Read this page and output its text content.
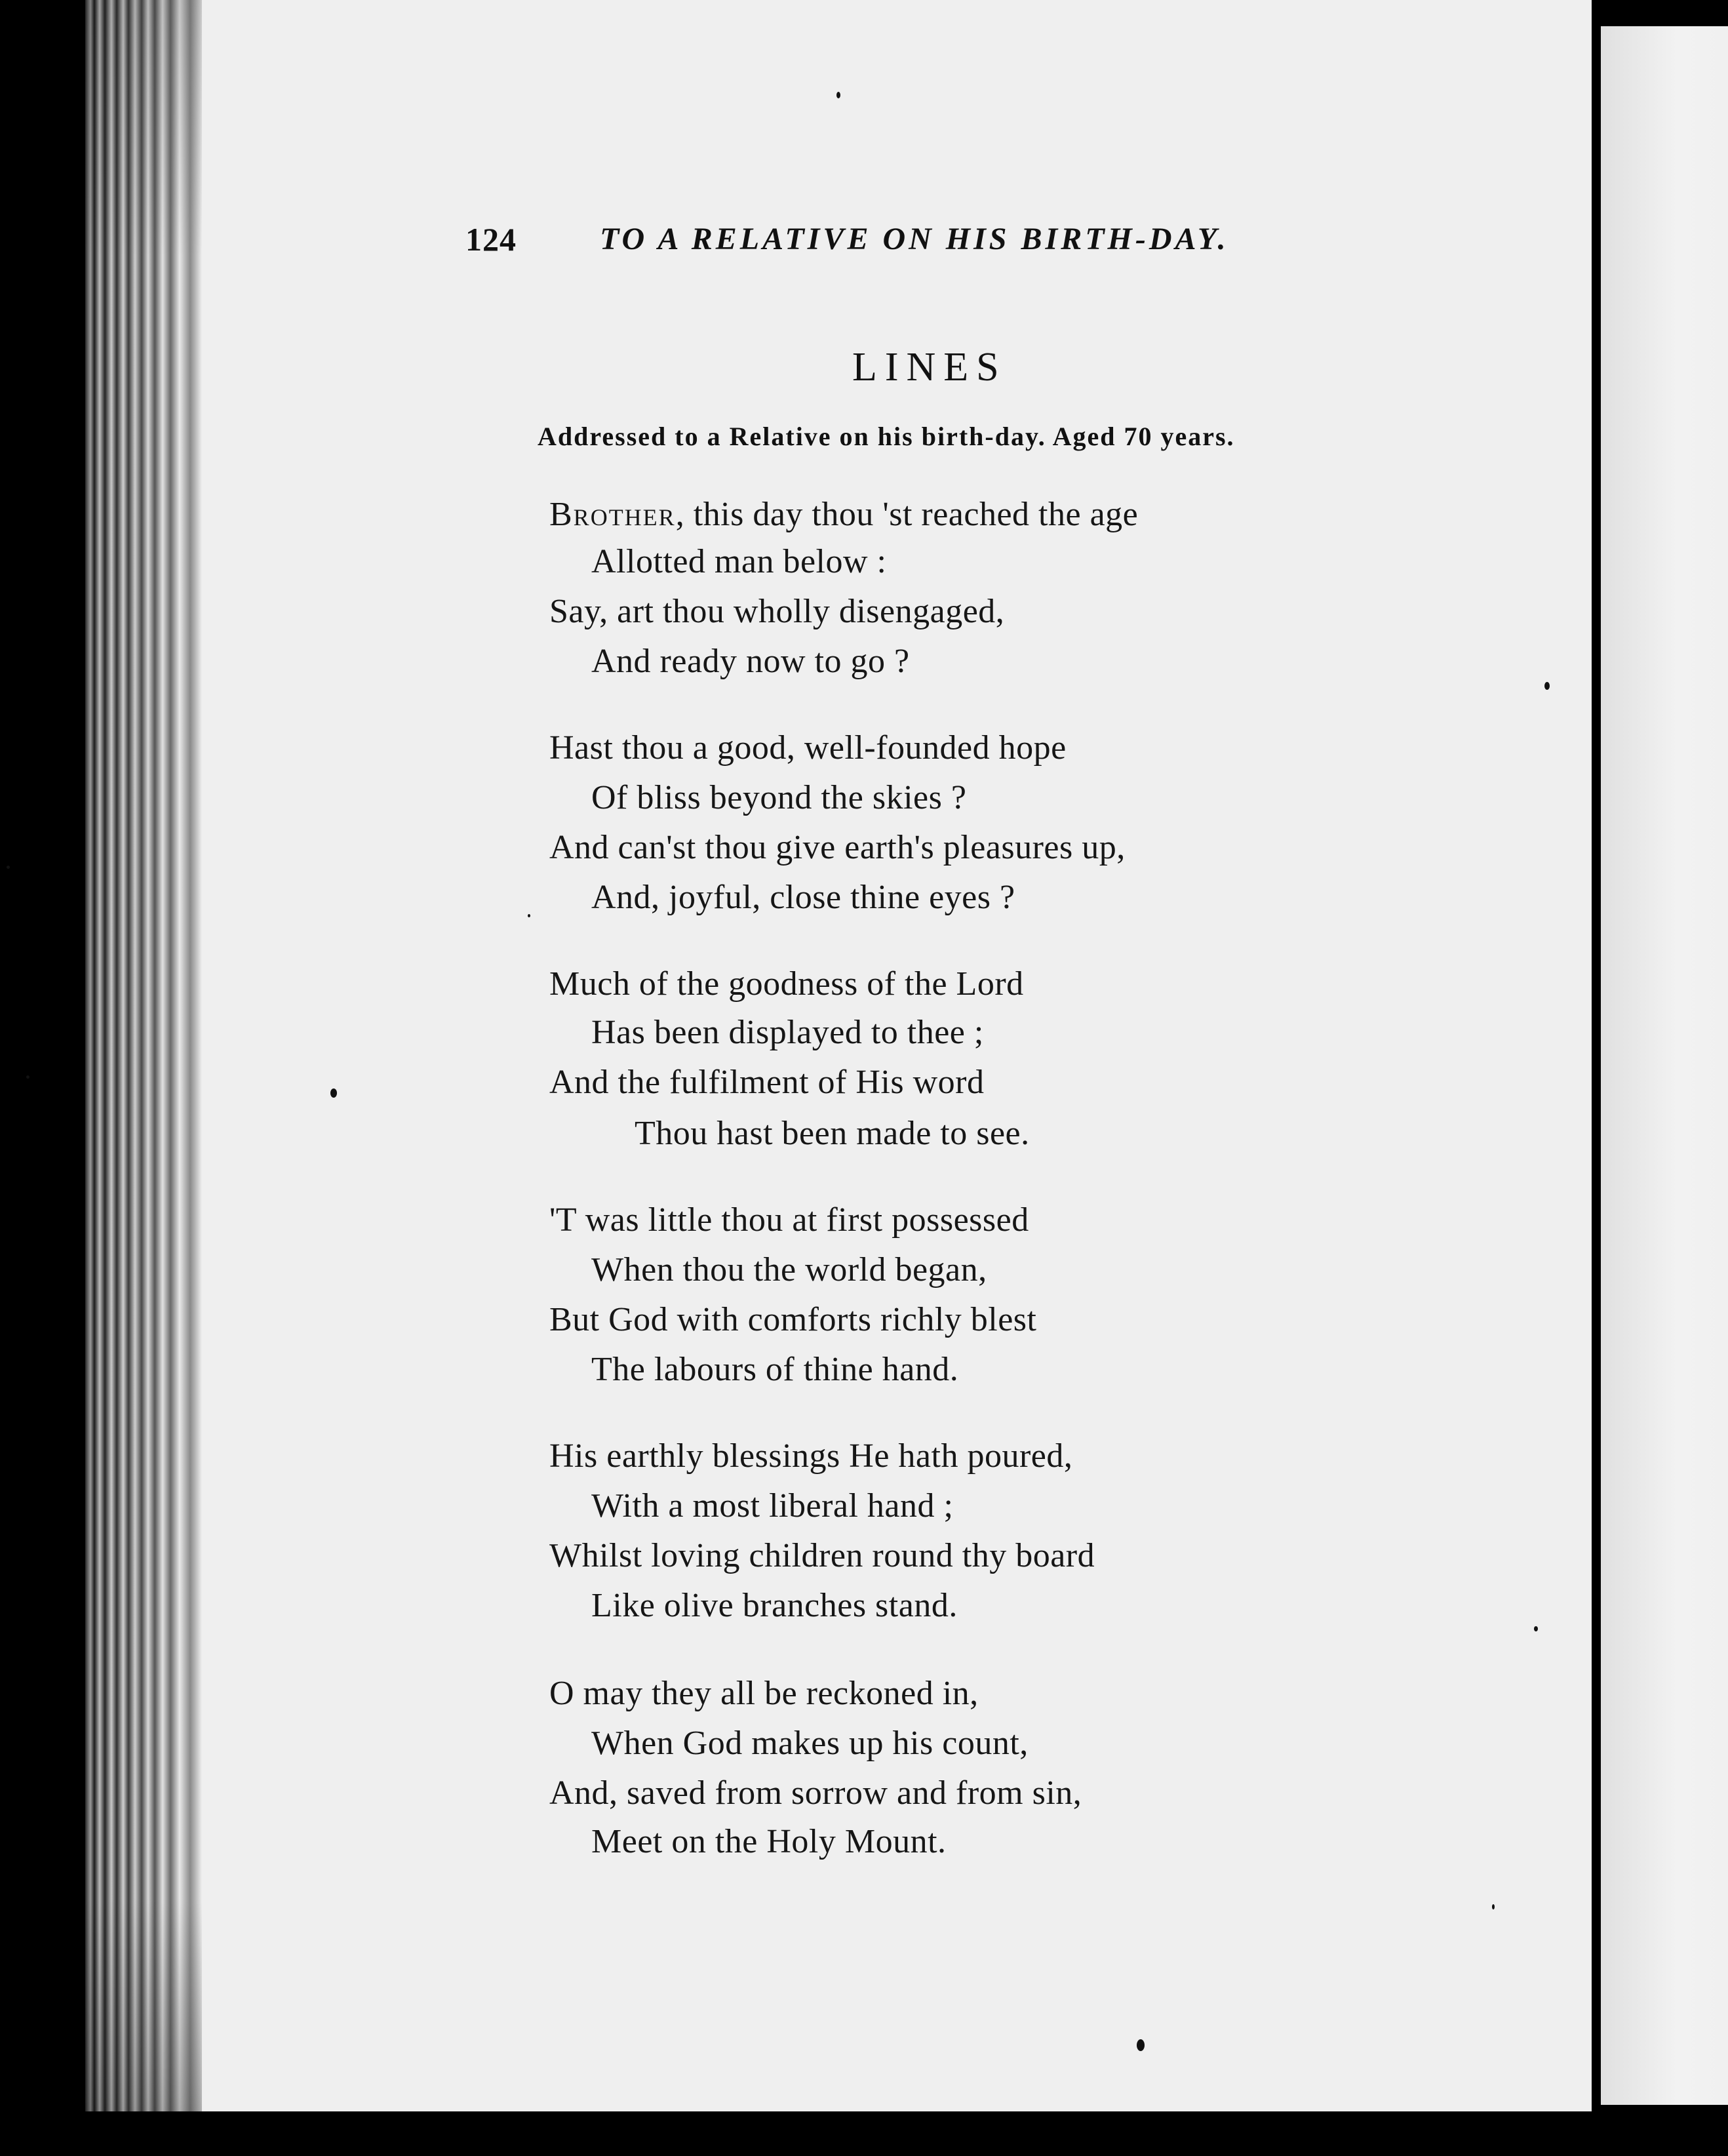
124	TO A RELATIVE ON HIS BIRTH-DAY.
LINES
Addressed to a Relative on his birth-day. Aged 70 years.
Brother, this day thou 'st reached the age
Allotted man below :
Say, art thou wholly disengaged,
And ready now to go ?
Hast thou a good, well-founded hope
Of bliss beyond the skies ?
And can'st thou give earth's pleasures up,
And, joyful, close thine eyes ?
Much of the goodness of the Lord
Has been displayed to thee ;
And the fulfilment of His word
Thou hast been made to see.
'T was little thou at first possessed
When thou the world began,
But God with comforts richly blest
The labours of thine hand.
His earthly blessings He hath poured,
With a most liberal hand ;
Whilst loving children round thy board
Like olive branches stand.
O may they all be reckoned in,
When God makes up his count,
And, saved from sorrow and from sin,
Meet on the Holy Mount.
